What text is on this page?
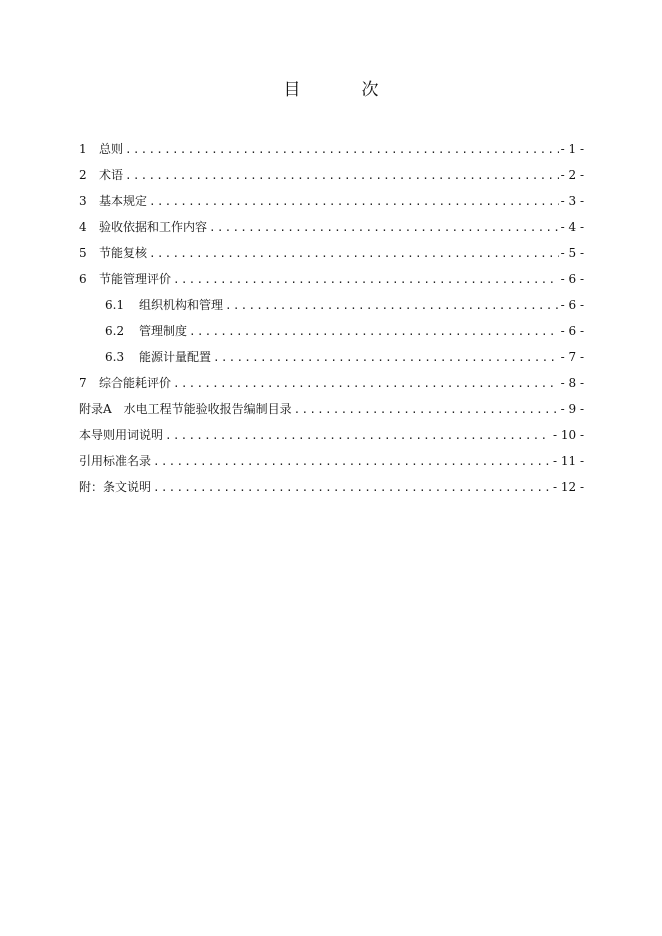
目　次
1	总则 .....	- 1 -
2	术语 .....	- 2 -
3	基本规定 .....	- 3 -
4	验收依据和工作内容 .....	- 4 -
5	节能复核 .....	- 5 -
6	节能管理评价 .....	- 6 -
6.1	组织机构和管理 .....	- 6 -
6.2	管理制度 .....	- 6 -
6.3	能源计量配置 .....	- 7 -
7	综合能耗评价 .....	- 8 -
附录A　水电工程节能验收报告编制目录 .....	- 9 -
本导则用词说明 .....	- 10 -
引用标准名录 .....	- 11 -
附：条文说明 .....	- 12 -
